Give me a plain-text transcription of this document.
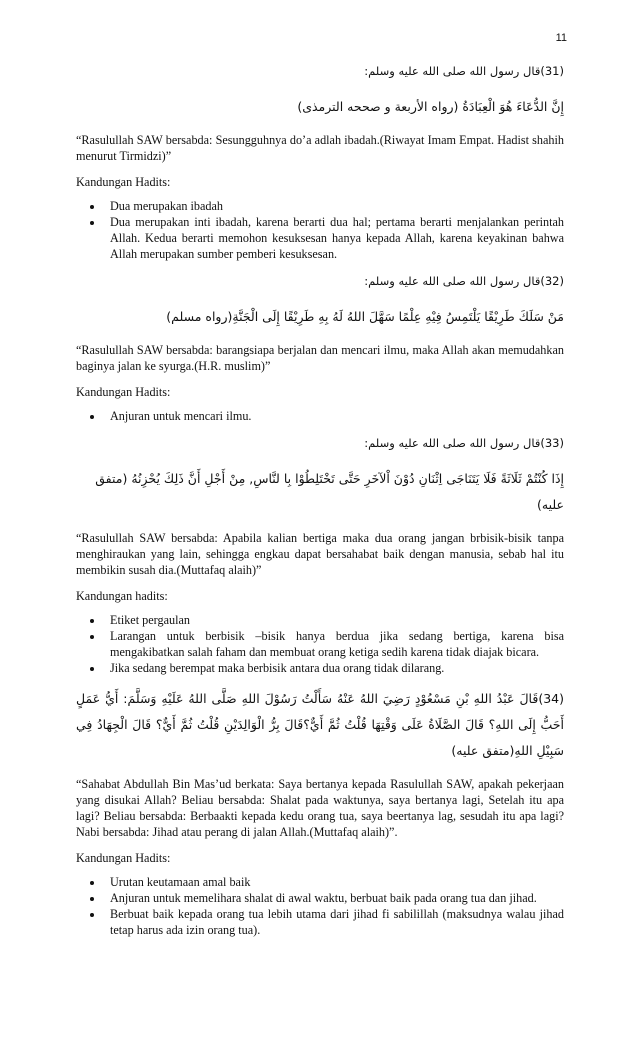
11

(31)قال رسول الله صلى الله عليه وسلم:

إِنَّ الدُّعَاءَ هُوَ الْعِبَادَةُ (رواه الأربعة و صححه الترمذى)

“Rasulullah SAW bersabda: Sesungguhnya do’a adlah ibadah.(Riwayat Imam Empat. Hadist shahih menurut Tirmidzi)”

Kandungan Hadits:

• Dua merupakan ibadah
• Dua merupakan inti ibadah, karena berarti dua hal; pertama berarti menjalankan perintah Allah. Kedua berarti memohon kesuksesan hanya kepada Allah, karena keyakinan bahwa Allah merupakan sumber pemberi kesuksesan.

(32)قال رسول الله صلى الله عليه وسلم:

مَنْ سَلَكَ طَرِيْقًا يَلْتَمِسُ فِيْهِ عِلْمًا سَهَّلَ اللهُ لَهُ بِهِ طَرِيْقًا إِلَى الْجَنَّةِ(رواه مسلم)

“Rasulullah SAW bersabda: barangsiapa berjalan dan mencari ilmu, maka Allah akan memudahkan baginya jalan ke syurga.(H.R. muslim)”

Kandungan Hadits:

• Anjuran untuk mencari ilmu.

(33)قال رسول الله صلى الله عليه وسلم:

إِذَا كُنْتُمْ ثَلَاثَةً فَلَا يَتَنَاجَى اِثْنَانِ دُوْنَ اْلآخَرِ حَتَّى تَخْتَلِطُوْا بِا لنَّاسِ, مِنْ أَجْلِ أَنَّ ذَلِكَ يُحْزِنُهُ (متفق عليه)

“Rasulullah SAW bersabda: Apabila kalian bertiga maka dua orang jangan brbisik-bisik tanpa menghiraukan yang lain, sehingga engkau dapat bersahabat baik dengan manusia, sebab hal itu membikin susah dia.(Muttafaq alaih)”

Kandungan hadits:

• Etiket pergaulan
• Larangan untuk berbisik –bisik hanya berdua jika sedang bertiga, karena bisa mengakibatkan salah faham dan membuat orang ketiga sedih karena tidak diajak bicara.
• Jika sedang berempat maka berbisik antara dua orang tidak dilarang.

(34)قَالَ عَبْدُ اللهِ بْنِ مَسْعُوْدٍ رَضِيَ اللهُ عَنْهُ سَأَلْتُ رَسُوْلَ اللهِ صَلَّى اللهُ عَلَيْهِ وَسَلَّمَ: أَيُّ عَمَلٍ أَحَبُّ إِلَى اللهِ؟ قَالَ الصَّلَاةُ عَلَى وَقْتِهَا قُلْتُ ثُمَّ أَيٌّ؟قَالَ بِرُّ الْوَالِدَيْنِ قُلْتُ ثُمَّ أَيٌّ؟ قَالَ الْجِهَادُ فِي سَبِيْلِ اللهِ(متفق عليه)

“Sahabat Abdullah Bin Mas’ud berkata: Saya bertanya kepada Rasulullah SAW, apakah pekerjaan yang disukai Allah? Beliau bersabda: Shalat pada waktunya, saya bertanya lagi, Setelah itu apa lagi? Beliau bersabda: Berbaakti kepada kedu orang tua, saya beertanya lag, sesudah itu apa lagi? Nabi bersabda: Jihad atau perang di jalan Allah.(Muttafaq alaih)”.

Kandungan Hadits:

• Urutan keutamaan amal baik
• Anjuran untuk memelihara shalat di awal waktu, berbuat baik pada orang tua dan jihad.
• Berbuat baik kepada orang tua lebih utama dari jihad fi sabilillah (maksudnya walau jihad tetap harus ada izin orang tua).
